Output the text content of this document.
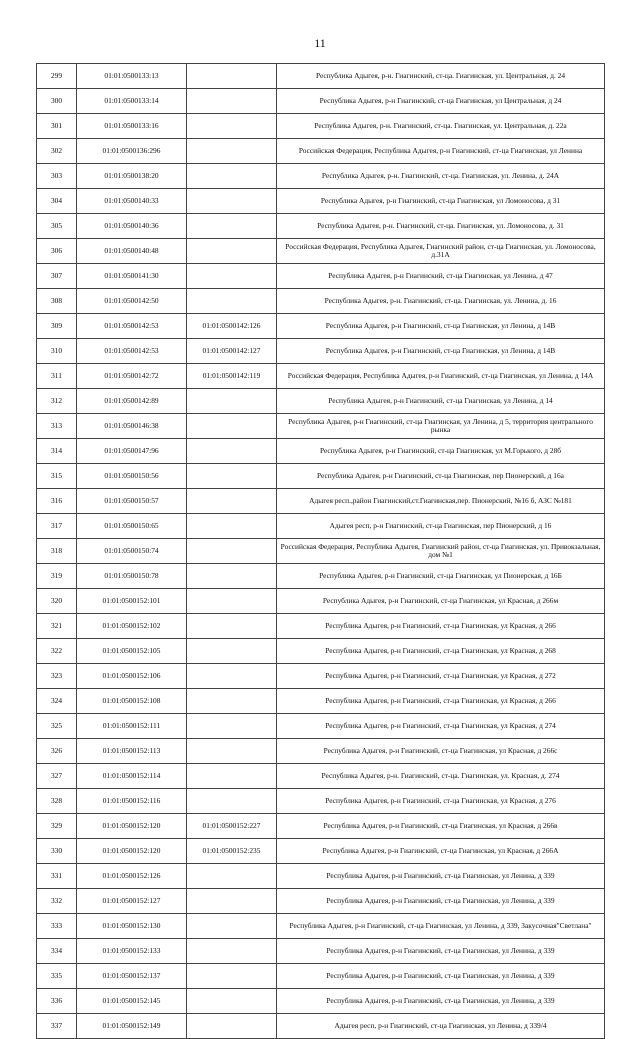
11
299	01:01:0500133:13		Республика Адыгея, р-н. Гиагинский, ст-ца. Гиагинская, ул. Центральная, д. 24
300	01:01:0500133:14		Республика Адыгея, р-н Гиагинский, ст-ца Гиагинская, ул Центральная, д 24
301	01:01:0500133:16		Республика Адыгея, р-н. Гиагинский, ст-ца. Гиагинская, ул. Центральная, д. 22а
302	01:01:0500136:296		Российская Федерация, Республика Адыгея, р-н Гиагинский, ст-ца Гиагинская, ул Ленина
303	01:01:0500138:20		Республика Адыгея, р-н. Гиагинский, ст-ца. Гиагинская, ул. Ленина, д. 24А
304	01:01:0500140:33		Республика Адыгея, р-н Гиагинский, ст-ца Гиагинская, ул Ломоносова, д 31
305	01:01:0500140:36		Республика Адыгея, р-н. Гиагинский, ст-ца. Гиагинская, ул. Ломоносова, д. 31
306	01:01:0500140:48		Российская Федерация, Республика Адыгея, Гиагинский район, ст-ца Гиагинская, ул. Ломоносова, д.31А
307	01:01:0500141:30		Республика Адыгея, р-н Гиагинский, ст-ца Гиагинская, ул Ленина, д 47
308	01:01:0500142:50		Республика Адыгея, р-н. Гиагинский, ст-ца. Гиагинская, ул. Ленина, д. 16
309	01:01:0500142:53	01:01:0500142:126	Республика Адыгея, р-н Гиагинский, ст-ца Гиагинская, ул Ленина, д 14В
310	01:01:0500142:53	01:01:0500142:127	Республика Адыгея, р-н Гиагинский, ст-ца Гиагинская, ул Ленина, д 14В
311	01:01:0500142:72	01:01:0500142:119	Российская Федерация, Республика Адыгея, р-н Гиагинский, ст-ца Гиагинская, ул Ленина, д 14А
312	01:01:0500142:89		Республика Адыгея, р-н Гиагинский, ст-ца Гиагинская, ул Ленина, д 14
313	01:01:0500146:38		Республика Адыгея, р-н Гиагинский, ст-ца Гиагинская, ул Ленина, д 5, территория центрального рынка
314	01:01:0500147:96		Республика Адыгея, р-н Гиагинский, ст-ца Гиагинская, ул М.Горького, д 28б
315	01:01:0500150:56		Республика Адыгея, р-н Гиагинский, ст-ца Гиагинская, пер Пионерский, д 16а
316	01:01:0500150:57		Адыгея респ.,район Гиагинский,ст.Гиагинская,пер. Пионерский, №16 б, АЗС №181
317	01:01:0500150:65		Адыгея респ, р-н Гиагинский, ст-ца Гиагинская, пер Пионерский, д 16
318	01:01:0500150:74		Российская Федерация, Республика Адыгея, Гиагинский район, ст-ца Гиагинская, ул. Привокзальная, дом №1
319	01:01:0500150:78		Республика Адыгея, р-н Гиагинский, ст-ца Гиагинская, ул Пионерская, д 16Б
320	01:01:0500152:101		Республика Адыгея, р-н Гиагинский, ст-ца Гиагинская, ул Красная, д 266м
321	01:01:0500152:102		Республика Адыгея, р-н Гиагинский, ст-ца Гиагинская, ул Красная, д 266
322	01:01:0500152:105		Республика Адыгея, р-н Гиагинский, ст-ца Гиагинская, ул Красная, д 268
323	01:01:0500152:106		Республика Адыгея, р-н Гиагинский, ст-ца Гиагинская, ул Красная, д 272
324	01:01:0500152:108		Республика Адыгея, р-н Гиагинский, ст-ца Гиагинская, ул Красная, д 266
325	01:01:0500152:111		Республика Адыгея, р-н Гиагинский, ст-ца Гиагинская, ул Красная, д 274
326	01:01:0500152:113		Республика Адыгея, р-н Гиагинский, ст-ца Гиагинская, ул Красная, д 266с
327	01:01:0500152:114		Республика Адыгея, р-н. Гиагинский, ст-ца. Гиагинская, ул. Красная, д. 274
328	01:01:0500152:116		Республика Адыгея, р-н Гиагинский, ст-ца Гиагинская, ул Красная, д 276
329	01:01:0500152:120	01:01:0500152:227	Республика Адыгея, р-н Гиагинский, ст-ца Гиагинская, ул Красная, д 266в
330	01:01:0500152:120	01:01:0500152:235	Республика Адыгея, р-н Гиагинский, ст-ца Гиагинская, ул Красная, д 266А
331	01:01:0500152:126		Республика Адыгея, р-н Гиагинский, ст-ца Гиагинская, ул Ленина, д 339
332	01:01:0500152:127		Республика Адыгея, р-н Гиагинский, ст-ца Гиагинская, ул Ленина, д 339
333	01:01:0500152:130		Республика Адыгея, р-н Гиагинский, ст-ца Гиагинская, ул Ленина, д 339, Закусочная"Светлана"
334	01:01:0500152:133		Республика Адыгея, р-н Гиагинский, ст-ца Гиагинская, ул Ленина, д 339
335	01:01:0500152:137		Республика Адыгея, р-н Гиагинский, ст-ца Гиагинская, ул Ленина, д 339
336	01:01:0500152:145		Республика Адыгея, р-н Гиагинский, ст-ца Гиагинская, ул Ленина, д 339
337	01:01:0500152:149		Адыгея респ, р-н Гиагинский, ст-ца Гиагинская, ул Ленина, д 339/4
